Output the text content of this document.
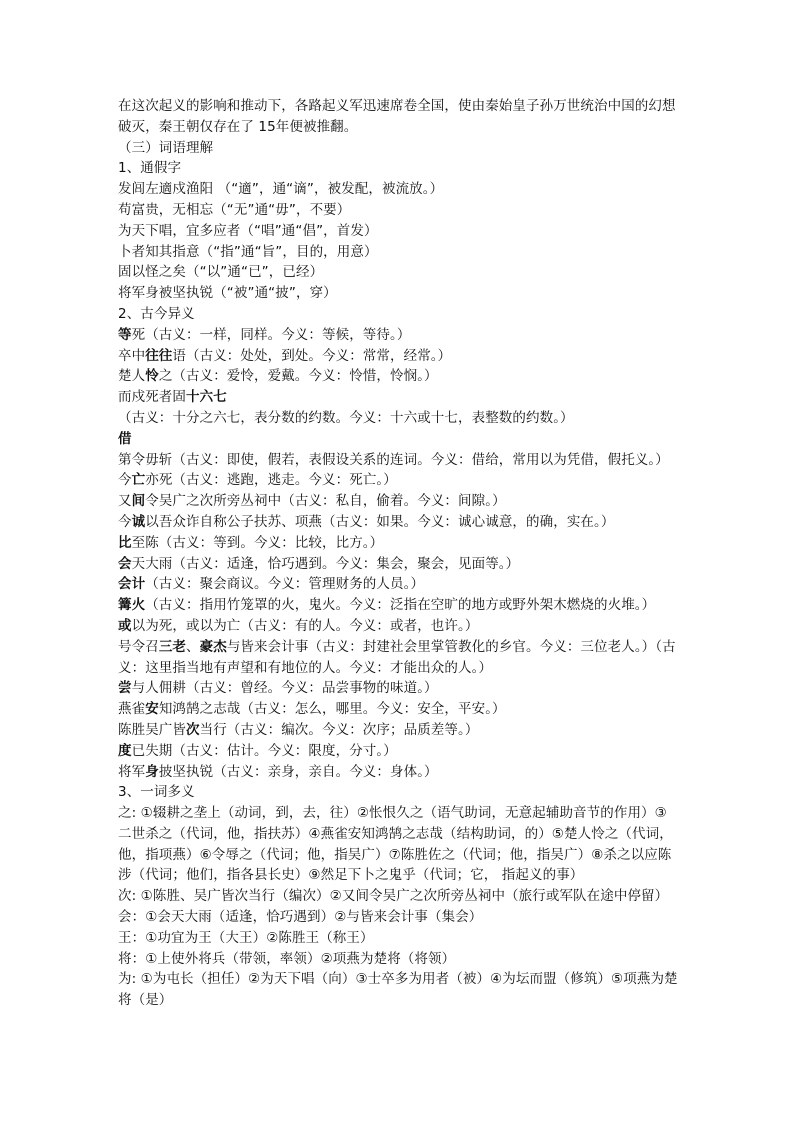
在这次起义的影响和推动下，各路起义军迅速席卷全国，使由秦始皇子孙万世统治中国的幻想破灭，秦王朝仅存在了 15年便被推翻。

（三）词语理解

1、通假字

发闾左適戍渔阳 （“適”，通“谪”，被发配，被流放。）

苟富贵，无相忘（“无”通“毋”，不要）

为天下唱，宜多应者（“唱”通“倡”，首发）

卜者知其指意（“指”通“旨”，目的，用意）

固以怪之矣（“以”通“已”，已经）

将军身被坚执锐（“被”通“披”，穿）

2、古今异义

等死（古义：一样，同样。今义：等候，等待。）

卒中往往语（古义：处处，到处。今义：常常，经常。）

楚人怜之（古义：爱怜，爱戴。今义：怜惜，怜悯。）

而戍死者固十六七（古义：十分之六七，表分数的约数。今义：十六或十七，表整数的约数。）

借第令毋斩（古义：即使，假若，表假设关系的连词。今义：借给，常用以为凭借，假托义。）

今亡亦死（古义：逃跑，逃走。今义：死亡。）

又间令吴广之次所旁丛祠中（古义：私自，偷着。今义：间隙。）

今诚以吾众诈自称公子扶苏、项燕（古义：如果。今义：诚心诚意，的确，实在。）

比至陈（古义：等到。今义：比较，比方。）

会天大雨（古义：适逢，恰巧遇到。今义：集会，聚会，见面等。）

会计（古义：聚会商议。今义：管理财务的人员。）

篝火（古义：指用竹笼罩的火，鬼火。今义：泛指在空旷的地方或野外架木燃烧的火堆。）

或以为死，或以为亡（古义：有的人。今义：或者，也许。）

号令召三老、豪杰与皆来会计事（古义：封建社会里掌管教化的乡官。今义：三位老人。）（古义：这里指当地有声望和有地位的人。今义：才能出众的人。）

尝与人佣耕（古义：曾经。今义：品尝事物的味道。）

燕雀安知鸿鹄之志哉（古义：怎么，哪里。今义：安全，平安。）

陈胜吴广皆次当行（古义：编次。今义：次序；品质差等。）

度已失期（古义：估计。今义：限度，分寸。）

将军身披坚执锐（古义：亲身，亲自。今义：身体。）

3、一词多义

之: ①辍耕之垄上（动词，到，去，往）②怅恨久之（语气助词，无意起辅助音节的作用）③二世杀之（代词，他，指扶苏）④燕雀安知鸿鹄之志哉（结构助词，的）⑤楚人怜之（代词，他，指项燕）⑥令辱之（代词；他，指吴广）⑦陈胜佐之（代词；他，指吴广）⑧杀之以应陈涉（代词；他们，指各县长史）⑨然足下卜之鬼乎（代词；它， 指起义的事）

次: ①陈胜、吴广皆次当行（编次）②又间令吴广之次所旁丛祠中（旅行或军队在途中停留）

会：①会天大雨（适逢，恰巧遇到）②与皆来会计事（集会）

王：①功宜为王（大王）②陈胜王（称王）

将：①上使外将兵（带领，率领）②项燕为楚将（将领）

为: ①为屯长（担任）②为天下唱（向）③士卒多为用者（被）④为坛而盟（修筑）⑤项燕为楚将（是）
